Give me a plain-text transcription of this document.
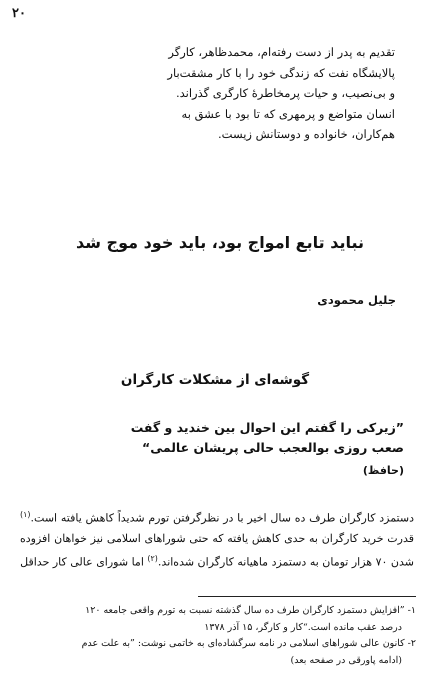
۲۰
تقدیم به پدر از دست رفته‌ام، محمدظاهر، کارگر
پالایشگاه نفت که زندگی خود را با کار مشقت‌بار
و بی‌نصیب، و حیات پرمخاطرهٔ کارگری گذراند.
انسان متواضع و پرمهری که تا بود با عشق به
هم‌کاران، خانواده و دوستانش زیست.
نباید تابع امواج بود، باید خود موج شد
جلیل محمودی
گوشه‌ای از مشکلات کارگران
”زیرکی را گفتم این احوال بین خندید و گفت
صعب روزی بوالعجب حالی پریشان عالمی“
(حافظ)
دستمزد کارگران طرف ده سال اخیر با در نظرگرفتن تورم شدیداً کاهش یافته است.$^{(۱)}$
قدرت خرید کارگران به حدی کاهش یافته که حتی شوراهای اسلامی نیز خواهان افزوده
شدن ۷۰ هزار تومان به دستمزد ماهیانه کارگران شده‌اند.$^{(۲)}$ اما شورای عالی کار حداقل
۱- ”افزایش دستمزد کارگران طرف ده سال گذشته نسبت به تورم واقعی جامعه ۱۲۰
درصد عقب مانده است.“کار و کارگر، ۱۵ آذر ۱۳۷۸
۲- کانون عالی شوراهای اسلامی در نامه سرگشاده‌ای به خاتمی نوشت: ”به علت عدم
(ادامه پاورقی در صفحه بعد)
